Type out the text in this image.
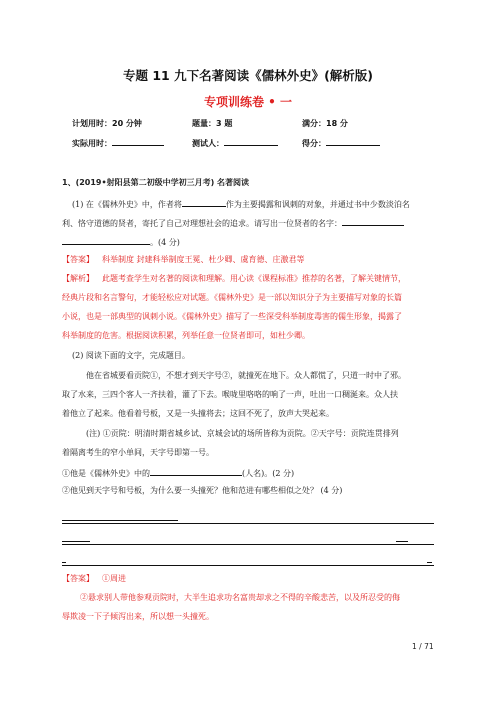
专题 11 九下名著阅读《儒林外史》(解析版)
专项训练卷 • 一
计划用时：20 分钟	题量：3 题	满分：18 分
实际用时：	测试人：	得分：
1、(2019•射阳县第二初级中学初三月考) 名著阅读
(1) 在《儒林外史》中，作者将	作为主要揭露和讽刺的对象，并通过书中少数淡泊名
利、恪守道德的贤者，寄托了自己对理想社会的追求。请写出一位贤者的名字：
。(4 分)
【答案】 科举制度 封建科举制度王冕、杜少卿、虞育德、庄激君等
【解析】 此题考查学生对名著的阅读和理解。用心读《课程标准》推荐的名著，了解关键情节，
经典片段和名言警句，才能轻松应对试题。《儒林外史》是一部以知识分子为主要描写对象的长篇
小说，也是一部典型的讽刺小说。《儒林外史》描写了一些深受科举制度毒害的儒生形象，揭露了
科举制度的危害。根据阅读积累，列举任意一位贤者即可，如杜少卿。
(2) 阅读下面的文字，完成题目。
他在省城要看贡院①，不想才到天字号②，就撞死在地下。众人都慌了，只道一时中了邪。
取了水来，三四个客人一齐扶着，灌了下去。喉咙里咯咯的响了一声，吐出一口稠涎来。众人扶
着他立了起来。他看着号板，又是一头撞将去；这回不死了，放声大哭起来。
(注) ①贡院：明清时期省城乡试、京城会试的场所皆称为贡院。②天字号：贡院连贯排列
着隔离考生的窄小单间，天字号即第一号。
①他是《儒林外史》中的	(人名)。(2 分)
②他见到天字号和号板，为什么要一头撞死？他和范进有哪些相似之处？ (4 分)
【答案】 ①周进
②悬求别人带他参观贡院时，大半生追求功名富贵却求之不得的辛酸悲苦，以及所忍受的侮
辱欺凌一下子倾泻出来，所以想一头撞死。
1 / 71
